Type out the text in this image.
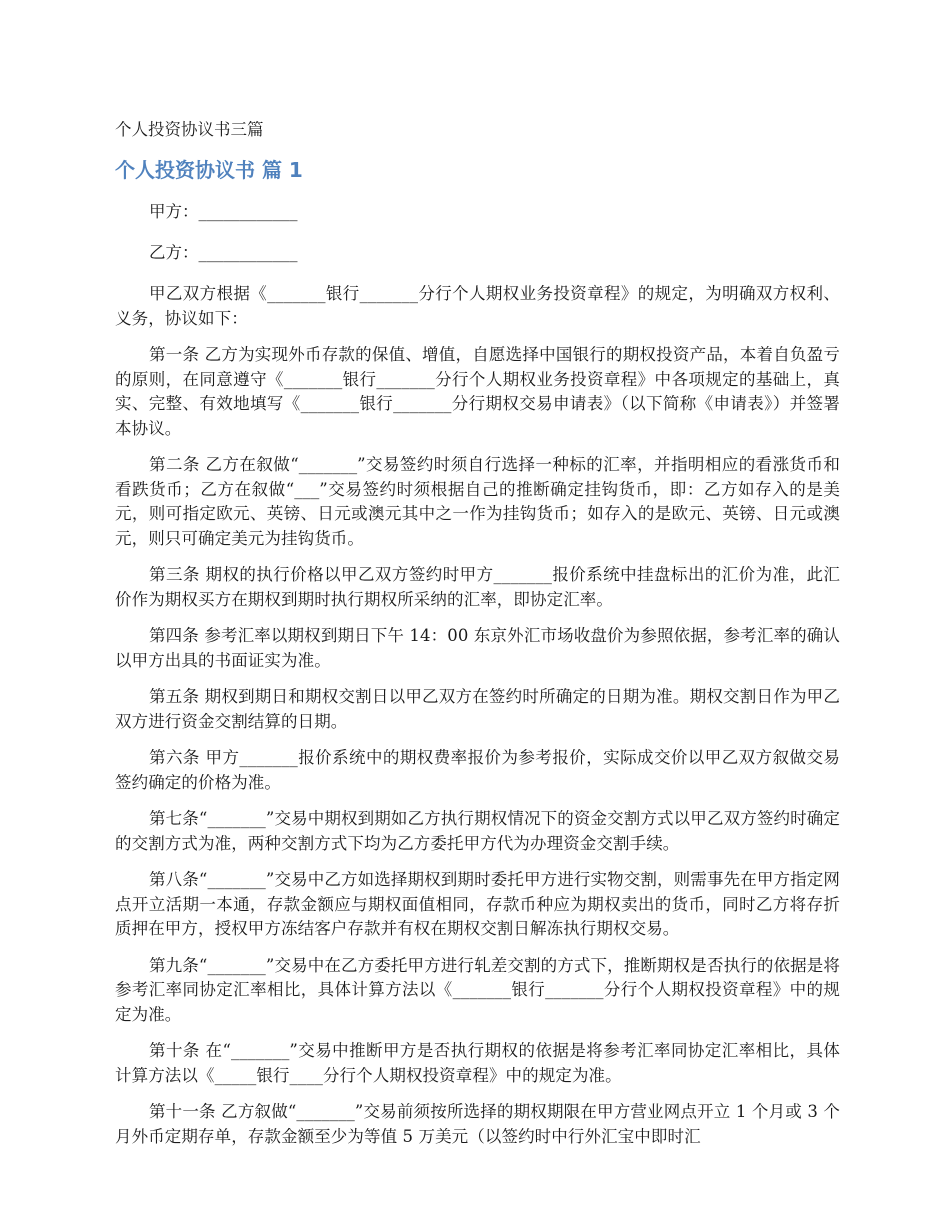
个人投资协议书三篇
个人投资协议书 篇 1
甲方：____________
乙方：____________

甲乙双方根据《_______银行_______分行个人期权业务投资章程》的规定，为明确双方权利、义务，协议如下：

第一条 乙方为实现外币存款的保值、增值，自愿选择中国银行的期权投资产品，本着自负盈亏的原则，在同意遵守《_______银行_______分行个人期权业务投资章程》中各项规定的基础上，真实、完整、有效地填写《_______银行_______分行期权交易申请表》（以下简称《申请表》）并签署本协议。

第二条 乙方在叙做“_______”交易签约时须自行选择一种标的汇率，并指明相应的看涨货币和看跌货币；乙方在叙做“___”交易签约时须根据自己的推断确定挂钩货币，即：乙方如存入的是美元，则可指定欧元、英镑、日元或澳元其中之一作为挂钩货币；如存入的是欧元、英镑、日元或澳元，则只可确定美元为挂钩货币。

第三条 期权的执行价格以甲乙双方签约时甲方_______报价系统中挂盘标出的汇价为准，此汇价作为期权买方在期权到期时执行期权所采纳的汇率，即协定汇率。

第四条 参考汇率以期权到期日下午 14：00 东京外汇市场收盘价为参照依据，参考汇率的确认以甲方出具的书面证实为准。

第五条 期权到期日和期权交割日以甲乙双方在签约时所确定的日期为准。期权交割日作为甲乙双方进行资金交割结算的日期。

第六条 甲方_______报价系统中的期权费率报价为参考报价，实际成交价以甲乙双方叙做交易签约确定的价格为准。

第七条“_______”交易中期权到期如乙方执行期权情况下的资金交割方式以甲乙双方签约时确定的交割方式为准，两种交割方式下均为乙方委托甲方代为办理资金交割手续。

第八条“_______”交易中乙方如选择期权到期时委托甲方进行实物交割，则需事先在甲方指定网点开立活期一本通，存款金额应与期权面值相同，存款币种应为期权卖出的货币，同时乙方将存折质押在甲方，授权甲方冻结客户存款并有权在期权交割日解冻执行期权交易。

第九条“_______”交易中在乙方委托甲方进行轧差交割的方式下，推断期权是否执行的依据是将参考汇率同协定汇率相比，具体计算方法以《_______银行_______分行个人期权投资章程》中的规定为准。

第十条 在“_______”交易中推断甲方是否执行期权的依据是将参考汇率同协定汇率相比，具体计算方法以《_____银行____分行个人期权投资章程》中的规定为准。

第十一条 乙方叙做“_______”交易前须按所选择的期权期限在甲方营业网点开立 1 个月或 3 个月外币定期存单，存款金额至少为等值 5 万美元（以签约时中行外汇宝中即时汇
